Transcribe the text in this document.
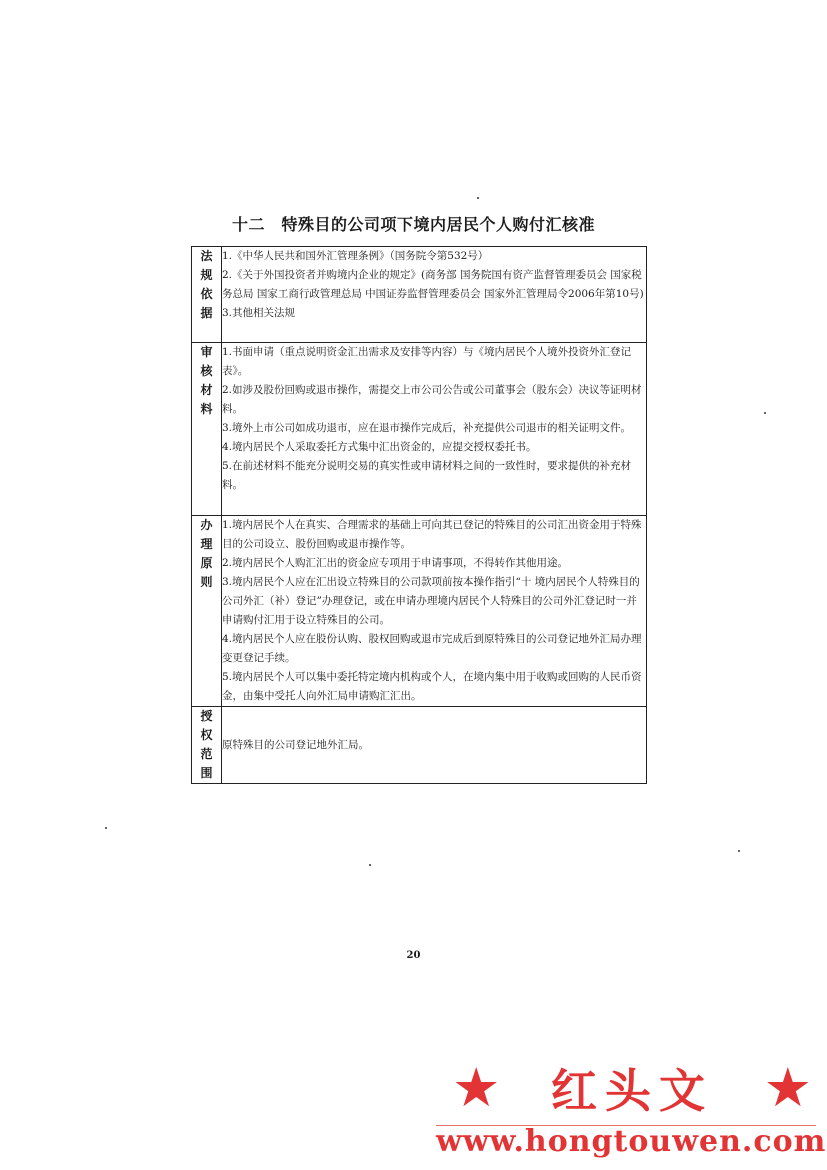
十二　特殊目的公司项下境内居民个人购付汇核准
法规依据	1.《中华人民共和国外汇管理条例》（国务院令第532号）

2.《关于外国投资者并购境内企业的规定》(商务部 国务院国有资产监督管理委员会 国家税务总局 国家工商行政管理总局 中国证券监督管理委员会 国家外汇管理局令2006年第10号)

3.其他相关法规

审核材料	1.书面申请（重点说明资金汇出需求及安排等内容）与《境内居民个人境外投资外汇登记表》。

2.如涉及股份回购或退市操作，需提交上市公司公告或公司董事会（股东会）决议等证明材料。

3.境外上市公司如成功退市，应在退市操作完成后，补充提供公司退市的相关证明文件。

4.境内居民个人采取委托方式集中汇出资金的，应提交授权委托书。

5.在前述材料不能充分说明交易的真实性或申请材料之间的一致性时，要求提供的补充材料。

办理原则	1.境内居民个人在真实、合理需求的基础上可向其已登记的特殊目的公司汇出资金用于特殊目的公司设立、股份回购或退市操作等。

2.境内居民个人购汇汇出的资金应专项用于申请事项，不得转作其他用途。

3.境内居民个人应在汇出设立特殊目的公司款项前按本操作指引“十 境内居民个人特殊目的公司外汇（补）登记”办理登记，或在申请办理境内居民个人特殊目的公司外汇登记时一并申请购付汇用于设立特殊目的公司。

4.境内居民个人应在股份认购、股权回购或退市完成后到原特殊目的公司登记地外汇局办理变更登记手续。

5.境内居民个人可以集中委托特定境内机构或个人，在境内集中用于收购或回购的人民币资金，由集中受托人向外汇局申请购汇汇出。

授权范围	原特殊目的公司登记地外汇局。

20
★ 红头文 ★
www.hongtouwen.com
